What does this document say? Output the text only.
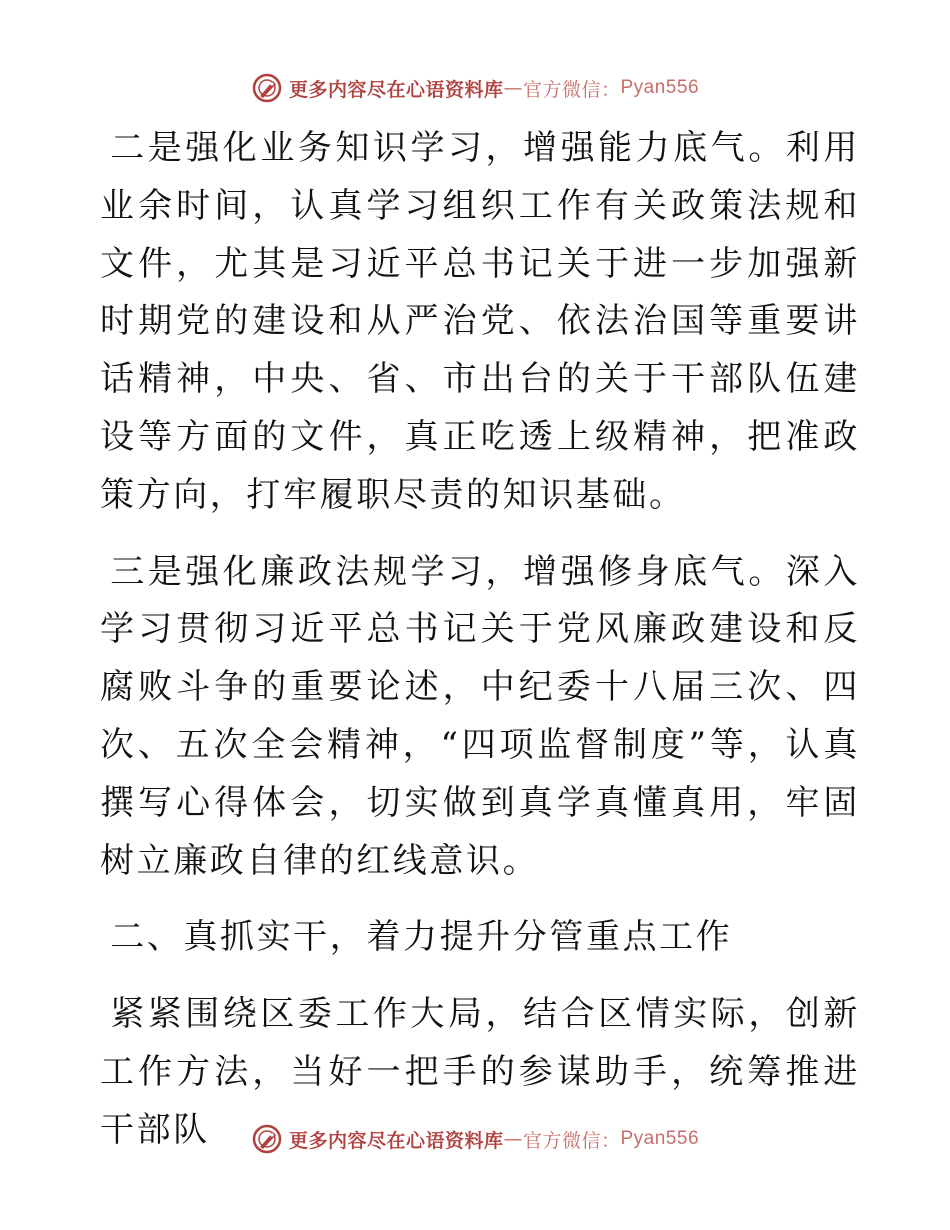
更多内容尽在心语资料库 — 官方微信： Pyan556

二是强化业务知识学习，增强能力底气。利用业余时间，认真学习组织工作有关政策法规和文件，尤其是习近平总书记关于进一步加强新时期党的建设和从严治党、依法治国等重要讲话精神，中央、省、市出台的关于干部队伍建设等方面的文件，真正吃透上级精神，把准政策方向，打牢履职尽责的知识基础。

三是强化廉政法规学习，增强修身底气。深入学习贯彻习近平总书记关于党风廉政建设和反腐败斗争的重要论述，中纪委十八届三次、四次、五次全会精神，“四项监督制度”等，认真撰写心得体会，切实做到真学真懂真用，牢固树立廉政自律的红线意识。

二、真抓实干，着力提升分管重点工作

紧紧围绕区委工作大局，结合区情实际，创新工作方法，当好一把手的参谋助手，统筹推进干部队	更多内容尽在心语资料库 — 官方微信： Pyan556
